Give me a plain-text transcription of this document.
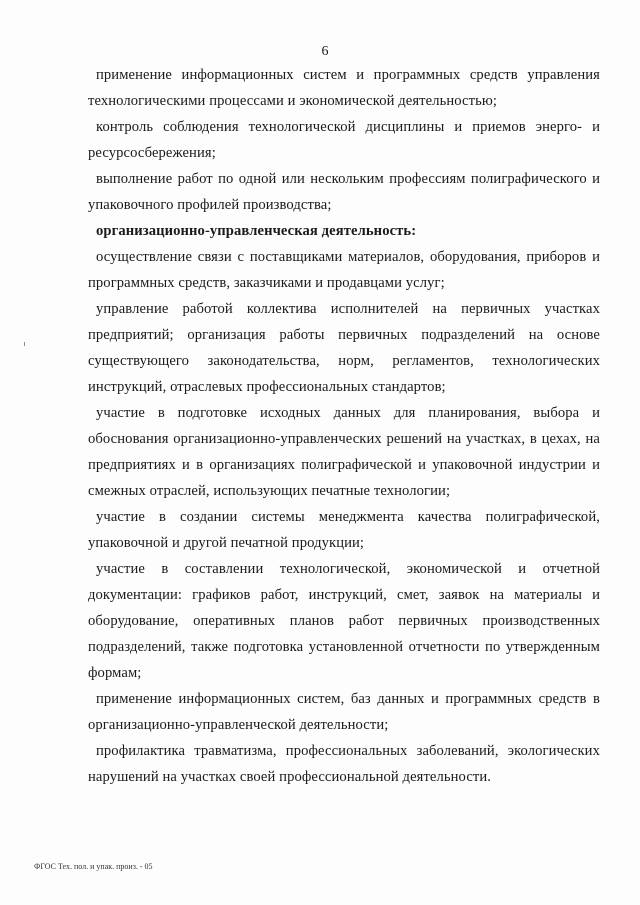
6

применение информационных систем и программных средств управления технологическими процессами и экономической деятельностью;

контроль соблюдения технологической дисциплины и приемов энерго- и ресурсосбережения;

выполнение работ по одной или нескольким профессиям полиграфического и упаковочного профилей производства;

организационно-управленческая деятельность:

осуществление связи с поставщиками материалов, оборудования, приборов и программных средств, заказчиками и продавцами услуг;

управление работой коллектива исполнителей на первичных участках предприятий; организация работы первичных подразделений на основе существующего законодательства, норм, регламентов, технологических инструкций, отраслевых профессиональных стандартов;

участие в подготовке исходных данных для планирования, выбора и обоснования организационно-управленческих решений на участках, в цехах, на предприятиях и в организациях полиграфической и упаковочной индустрии и смежных отраслей, использующих печатные технологии;

участие в создании системы менеджмента качества полиграфической, упаковочной и другой печатной продукции;

участие в составлении технологической, экономической и отчетной документации: графиков работ, инструкций, смет, заявок на материалы и оборудование, оперативных планов работ первичных производственных подразделений, также подготовка установленной отчетности по утвержденным формам;

применение информационных систем, баз данных и программных средств в организационно-управленческой деятельности;

профилактика травматизма, профессиональных заболеваний, экологических нарушений на участках своей профессиональной деятельности.

ФГОС Тех. пол. и упак. произ. - 05
